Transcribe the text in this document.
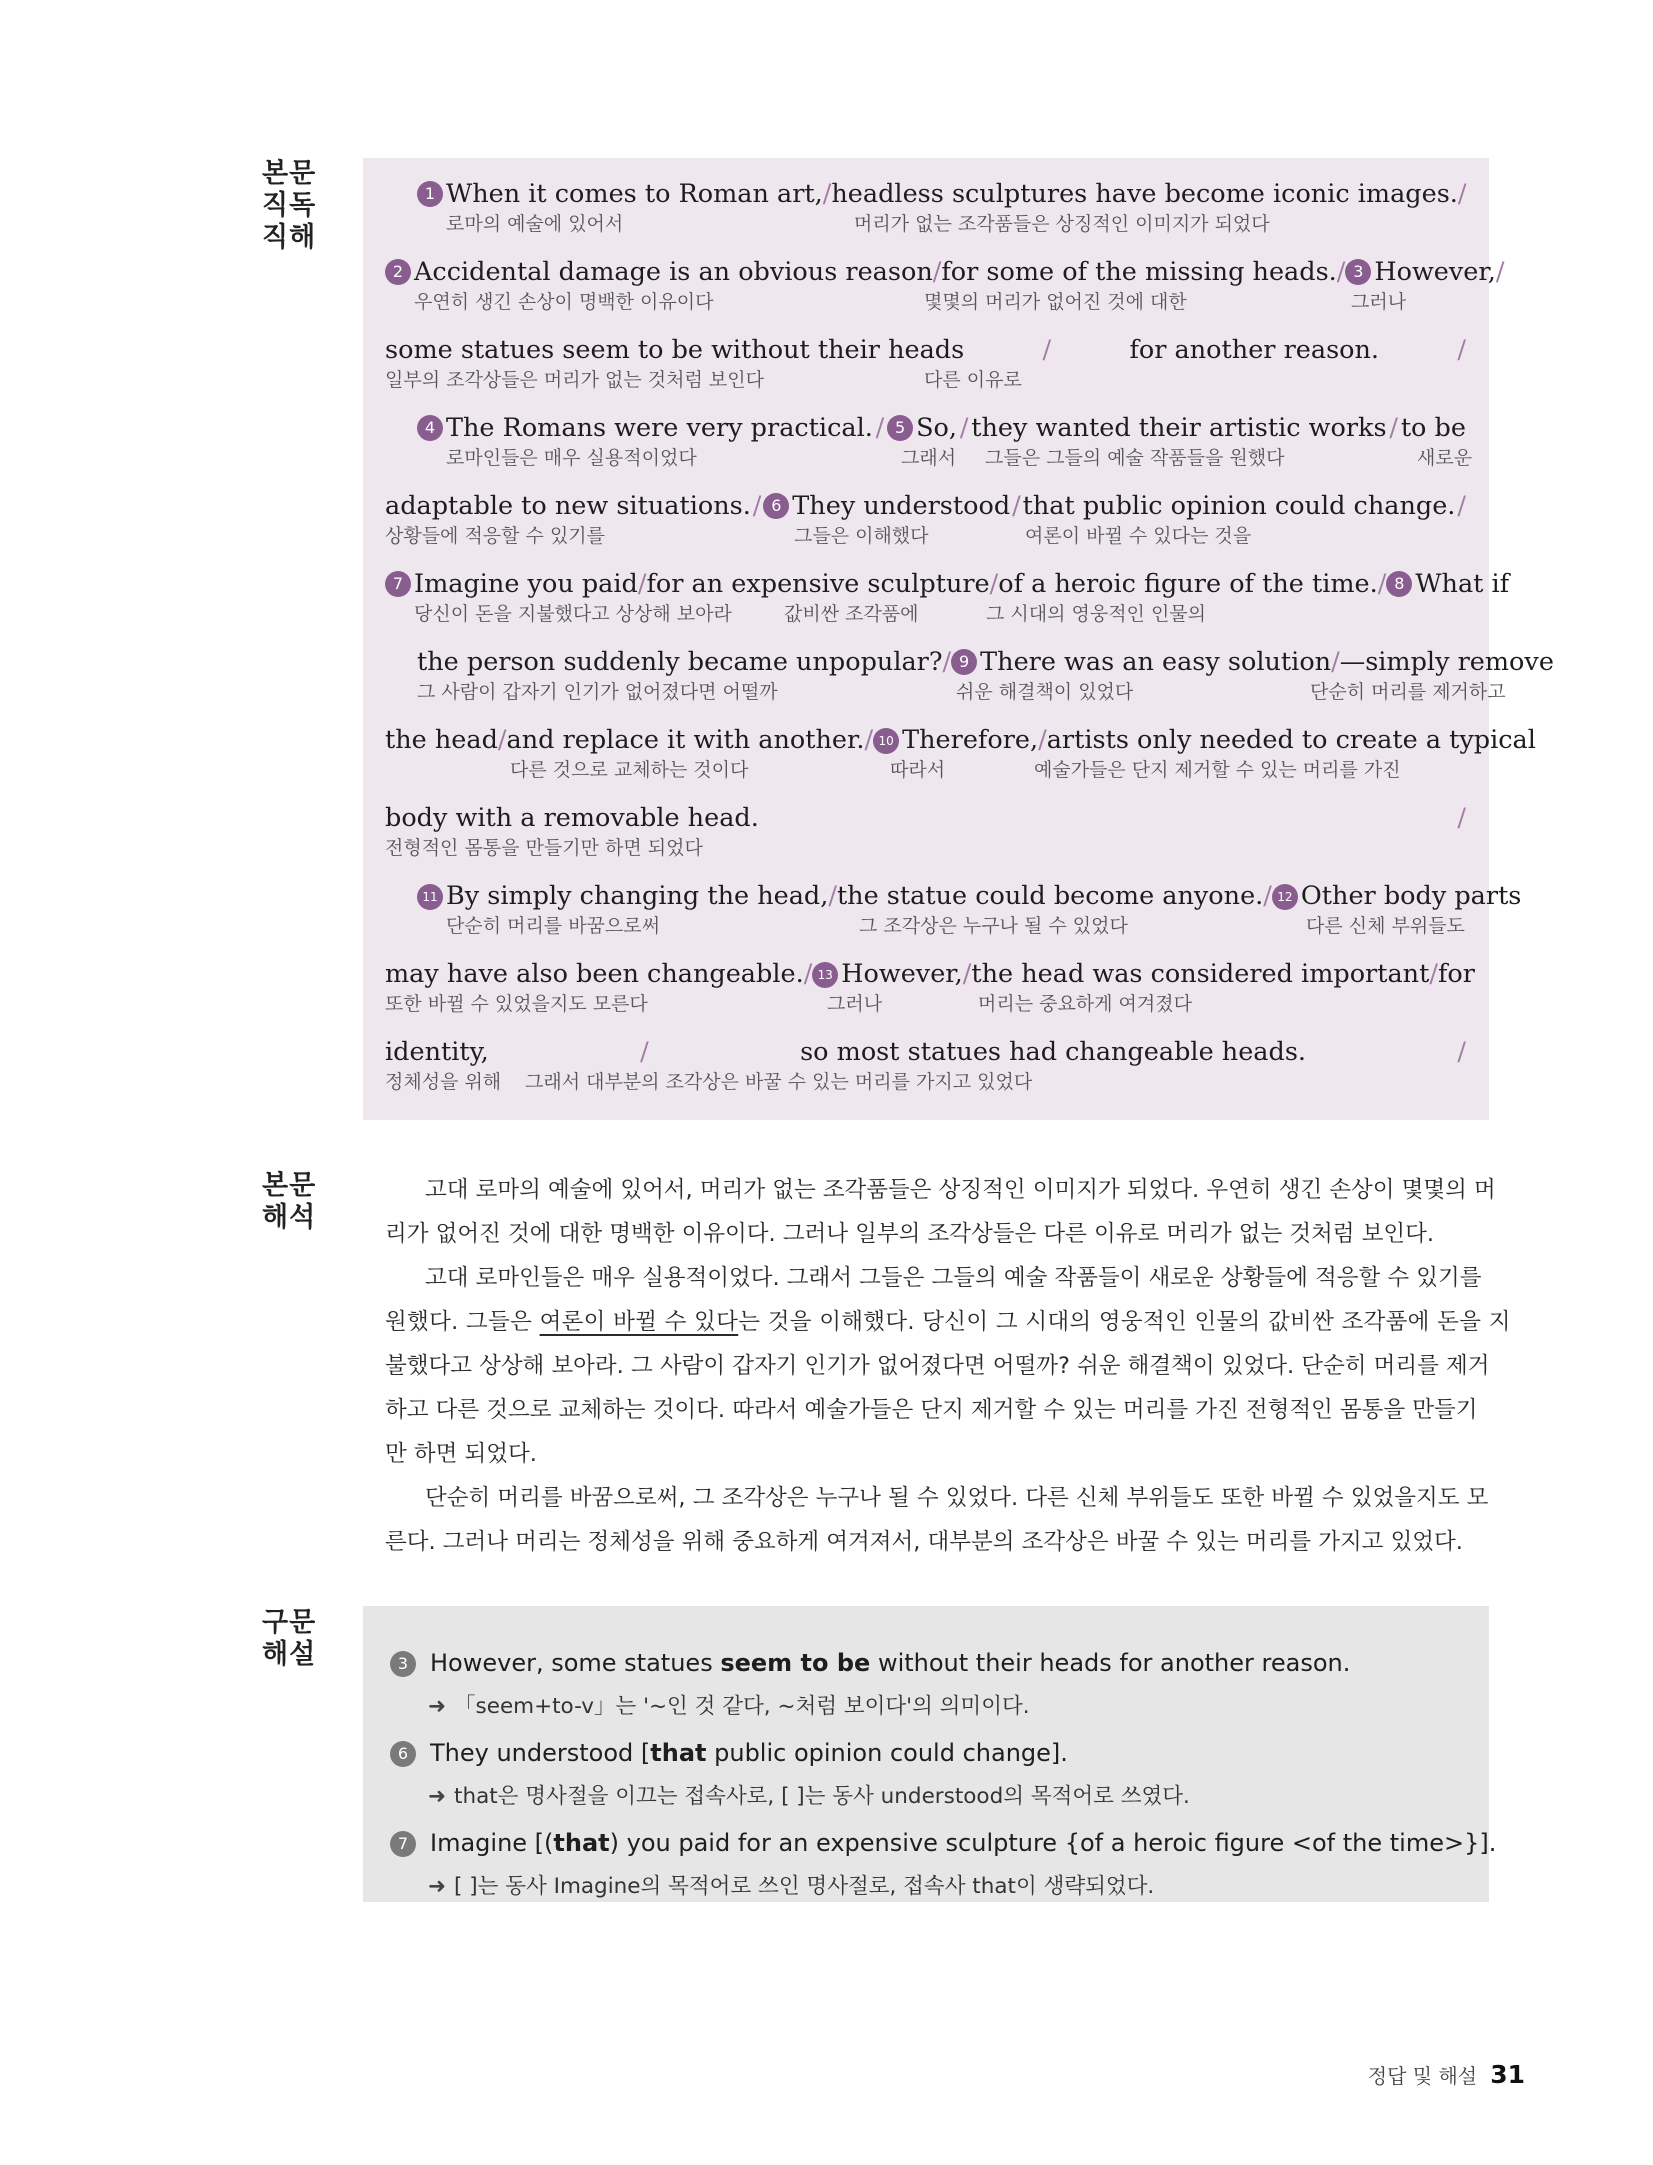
본문
직독
직해
본문
해석
구문
해설
1 When it comes to Roman art, / headless sculptures have become iconic images. /
로마의 예술에 있어서	머리가 없는 조각품들은 상징적인 이미지가 되었다
2 Accidental damage is an obvious reason / for some of the missing heads. / 3 However, /
우연히 생긴 손상이 명백한 이유이다	몇몇의 머리가 없어진 것에 대한	그러나
some statues seem to be without their heads	/	for another reason.	/
일부의 조각상들은 머리가 없는 것처럼 보인다	다른 이유로
4 The Romans were very practical. / 5 So, / they wanted their artistic works / to be
로마인들은 매우 실용적이었다	그래서 그들은 그들의 예술 작품들을 원했다	새로운
adaptable to new situations. / 6 They understood / that public opinion could change. /
상황들에 적응할 수 있기를	그들은 이해했다	여론이 바뀔 수 있다는 것을
7 Imagine you paid / for an expensive sculpture / of a heroic figure of the time. / 8 What if
당신이 돈을 지불했다고 상상해 보아라	값비싼 조각품에	그 시대의 영웅적인 인물의
the person suddenly became unpopular? / 9 There was an easy solution / —simply remove
그 사람이 갑자기 인기가 없어졌다면 어떨까	쉬운 해결책이 있었다	단순히 머리를 제거하고
the head / and replace it with another. / 10 Therefore, / artists only needed to create a typical
다른 것으로 교체하는 것이다	따라서	예술가들은 단지 제거할 수 있는 머리를 가진
body with a removable head.	/
전형적인 몸통을 만들기만 하면 되었다
11 By simply changing the head, / the statue could become anyone. / 12 Other body parts
단순히 머리를 바꿈으로써	그 조각상은 누구나 될 수 있었다	다른 신체 부위들도
may have also been changeable. / 13 However, / the head was considered important / for
또한 바뀔 수 있었을지도 모른다	그러나	머리는 중요하게 여겨졌다
identity,	/	so most statues had changeable heads.	/
정체성을 위해 그래서 대부분의 조각상은 바꿀 수 있는 머리를 가지고 있었다
고대 로마의 예술에 있어서, 머리가 없는 조각품들은 상징적인 이미지가 되었다. 우연히 생긴 손상이 몇몇의 머
리가 없어진 것에 대한 명백한 이유이다. 그러나 일부의 조각상들은 다른 이유로 머리가 없는 것처럼 보인다.
고대 로마인들은 매우 실용적이었다. 그래서 그들은 그들의 예술 작품들이 새로운 상황들에 적응할 수 있기를
원했다. 그들은 여론이 바뀔 수 있다 는 것을 이해했다. 당신이 그 시대의 영웅적인 인물의 값비싼 조각품에 돈을 지
불했다고 상상해 보아라. 그 사람이 갑자기 인기가 없어졌다면 어떨까? 쉬운 해결책이 있었다. 단순히 머리를 제거
하고 다른 것으로 교체하는 것이다. 따라서 예술가들은 단지 제거할 수 있는 머리를 가진 전형적인 몸통을 만들기
만 하면 되었다.
단순히 머리를 바꿈으로써, 그 조각상은 누구나 될 수 있었다. 다른 신체 부위들도 또한 바뀔 수 있었을지도 모
른다. 그러나 머리는 정체성을 위해 중요하게 여겨져서, 대부분의 조각상은 바꿀 수 있는 머리를 가지고 있었다.
3 However, some statues seem to be without their heads for another reason.
➜ 「seem+to-v」는 '~인 것 같다, ~처럼 보이다'의 의미이다.
6 They understood [that public opinion could change].
➜ that은 명사절을 이끄는 접속사로, [ ]는 동사 understood의 목적어로 쓰였다.
7 Imagine [(that) you paid for an expensive sculpture {of a heroic figure <of the time>}].
➜ [ ]는 동사 Imagine의 목적어로 쓰인 명사절로, 접속사 that이 생략되었다.
정답 및 해설 31
